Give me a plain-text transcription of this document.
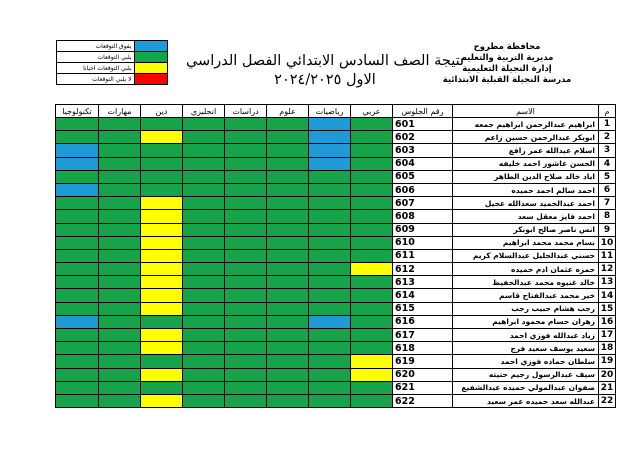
محافظة مطروح
مديرية التربية والتعليم
إدارة النجيلة التعليمية
مدرسة النجيلة القبلية الابتدائية
نتيجة الصف السادس الابتدائي الفصل الدراسي
الاول ٢٠٢٤/٢٠٢٥
يفوق التوقعات	
يلبي التوقعات	
يلبي التوقعات احيانا	
لا يلبي التوقعات	
م	الاسم	رقم الجلوس	عربي	رياضيات	علوم	دراسات	انجليزي	دين	مهارات	تكنولوجيا
1	ابراهيم عبدالرحمن ابراهيم جمعه	601								
2	ابوبكر عبدالرحمن حسين زاعم	602								
3	اسلام عبدالله عمر رافع	603								
4	الحسن عاشور احمد خليفه	604								
5	اياد خالد صلاح الدين الطاهر	605								
6	احمد سالم احمد حميده	606								
7	احمد عبدالحميد سعدالله عجيل	607								
8	احمد فايز معقل سعد	608								
9	انس ناصر صالح ابوبكر	609								
10	بسام محمد محمد ابراهيم	610								
11	حسني عبدالجليل عبدالسلام كريم	611								
12	حمزه عثمان ادم حميده	612								
13	خالد غنيوه محمد عبدالحفيظ	613								
14	خير محمد عبدالفتاح قاسم	614								
15	رجب هشام حبيب رجب	615								
16	زهران حسام محمود ابراهيم	616								
17	زياد عبدالله فوزي احمد	617								
18	سعيد يوسف سعيد فرج	618								
19	سلطان حماده فوزي احمد	619								
20	سيف عبدالرسول رحيم حتيته	620								
21	صفوان عبدالمولي حميده عبدالشفيع	621								
22	عبدالله سعد حميده عمر سعيد	622								
